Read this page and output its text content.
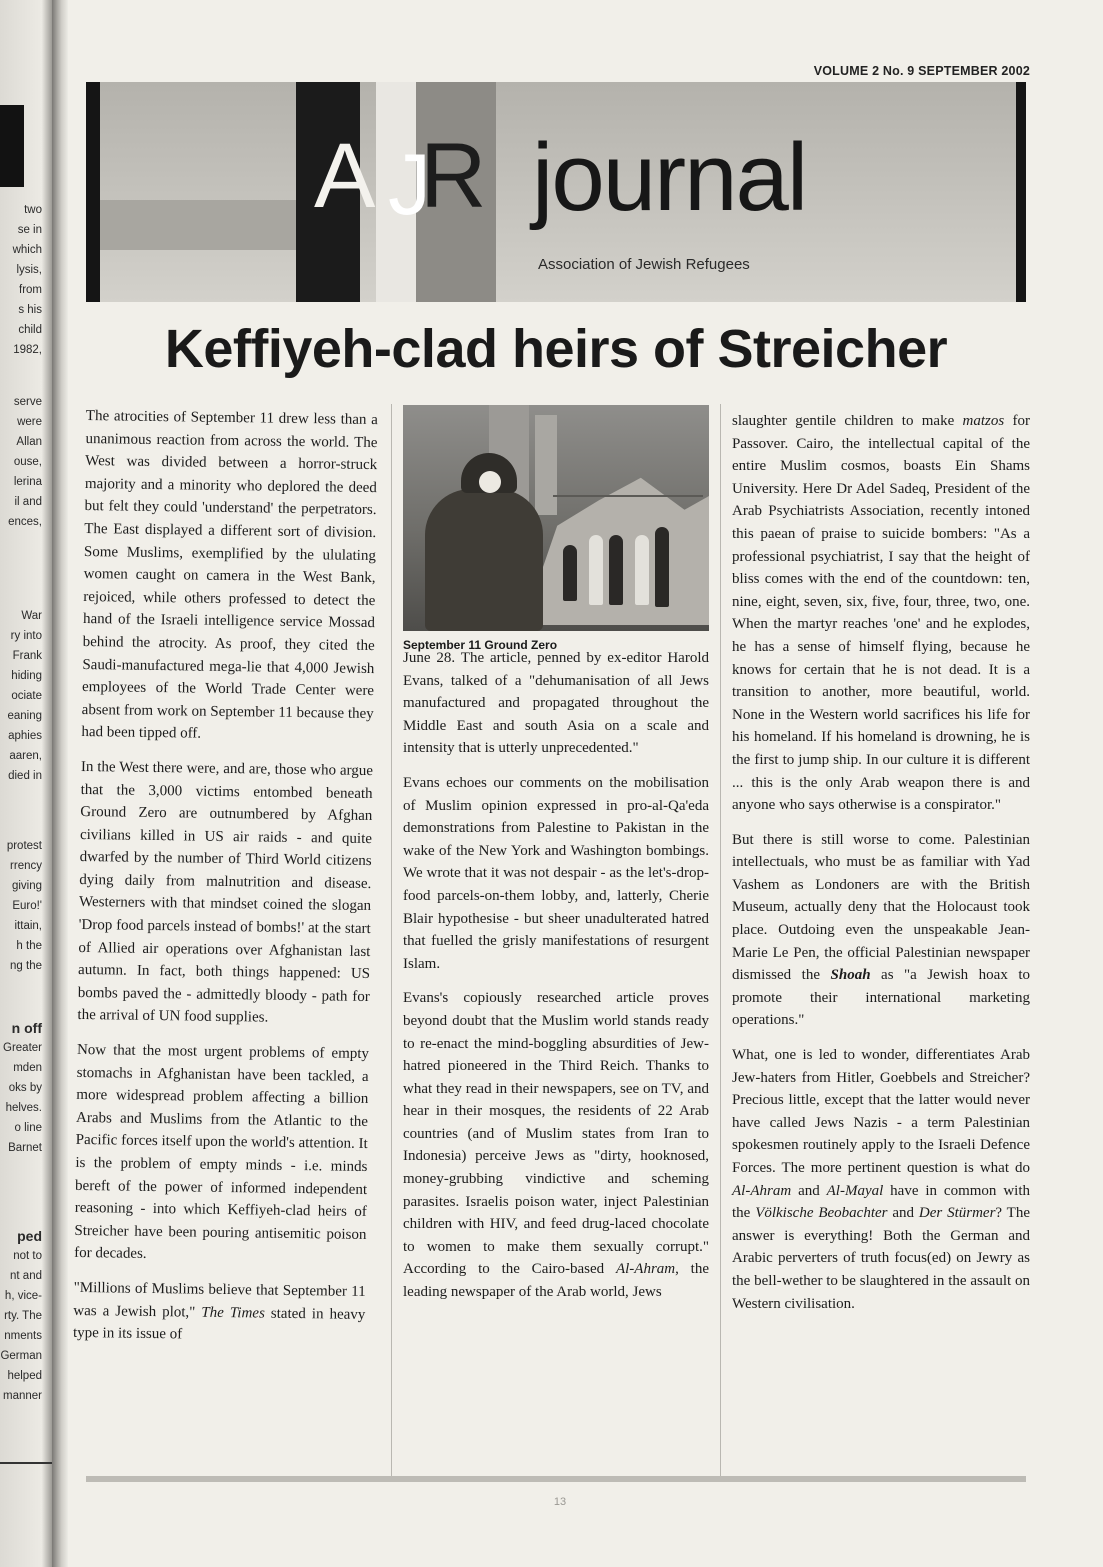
two
se in
which
lysis,
from
s his
child
1982,
serve
were
Allan
ouse,
lerina
il and
ences,
War
ry into
Frank
hiding
ociate
eaning
aphies
aaren,
died in
protest
rrency
giving
Euro!'
ittain,
h the
ng the
n off
Greater
mden
oks by
helves.
o line
Barnet
ped
not to
nt and
h, vice-
rty. The
nments
German
helped
manner
VOLUME 2 No. 9 SEPTEMBER 2002
A J
R journal
Association of Jewish Refugees
Keffiyeh-clad heirs of Streicher

The atrocities of September 11 drew less than a unanimous reaction from across the world. The West was divided between a horror-struck majority and a minority who deplored the deed but felt they could 'understand' the perpetrators. The East displayed a different sort of division. Some Muslims, exemplified by the ululating women caught on camera in the West Bank, rejoiced, while others professed to detect the hand of the Israeli intelligence service Mossad behind the atrocity. As proof, they cited the Saudi-manufactured mega-lie that 4,000 Jewish employees of the World Trade Center were absent from work on September 11 because they had been tipped off.

In the West there were, and are, those who argue that the 3,000 victims entombed beneath Ground Zero are outnumbered by Afghan civilians killed in US air raids - and quite dwarfed by the number of Third World citizens dying daily from malnutrition and disease. Westerners with that mindset coined the slogan 'Drop food parcels instead of bombs!' at the start of Allied air operations over Afghanistan last autumn. In fact, both things happened: US bombs paved the - admittedly bloody - path for the arrival of UN food supplies.

Now that the most urgent problems of empty stomachs in Afghanistan have been tackled, a more widespread problem affecting a billion Arabs and Muslims from the Atlantic to the Pacific forces itself upon the world's attention. It is the problem of empty minds - i.e. minds bereft of the power of informed independent reasoning - into which Keffiyeh-clad heirs of Streicher have been pouring antisemitic poison for decades.

"Millions of Muslims believe that September 11 was a Jewish plot," The Times stated in heavy type in its issue of

September 11 Ground Zero

June 28. The article, penned by ex-editor Harold Evans, talked of a "dehumanisation of all Jews manufactured and propagated throughout the Middle East and south Asia on a scale and intensity that is utterly unprecedented."

Evans echoes our comments on the mobilisation of Muslim opinion expressed in pro-al-Qa'eda demonstrations from Palestine to Pakistan in the wake of the New York and Washington bombings. We wrote that it was not despair - as the let's-drop-food parcels-on-them lobby, and, latterly, Cherie Blair hypothesise - but sheer unadulterated hatred that fuelled the grisly manifestations of resurgent Islam.

Evans's copiously researched article proves beyond doubt that the Muslim world stands ready to re-enact the mind-boggling absurdities of Jew-hatred pioneered in the Third Reich. Thanks to what they read in their newspapers, see on TV, and hear in their mosques, the residents of 22 Arab countries (and of Muslim states from Iran to Indonesia) perceive Jews as "dirty, hooknosed, money-grubbing vindictive and scheming parasites. Israelis poison water, inject Palestinian children with HIV, and feed drug-laced chocolate to women to make them sexually corrupt." According to the Cairo-based Al-Ahram, the leading newspaper of the Arab world, Jews

slaughter gentile children to make matzos for Passover. Cairo, the intellectual capital of the entire Muslim cosmos, boasts Ein Shams University. Here Dr Adel Sadeq, President of the Arab Psychiatrists Association, recently intoned this paean of praise to suicide bombers: "As a professional psychiatrist, I say that the height of bliss comes with the end of the countdown: ten, nine, eight, seven, six, five, four, three, two, one. When the martyr reaches 'one' and he explodes, he has a sense of himself flying, because he knows for certain that he is not dead. It is a transition to another, more beautiful, world. None in the Western world sacrifices his life for his homeland. If his homeland is drowning, he is the first to jump ship. In our culture it is different ... this is the only Arab weapon there is and anyone who says otherwise is a conspirator."

But there is still worse to come. Palestinian intellectuals, who must be as familiar with Yad Vashem as Londoners are with the British Museum, actually deny that the Holocaust took place. Outdoing even the unspeakable Jean-Marie Le Pen, the official Palestinian newspaper dismissed the Shoah as "a Jewish hoax to promote their international marketing operations."

What, one is led to wonder, differentiates Arab Jew-haters from Hitler, Goebbels and Streicher? Precious little, except that the latter would never have called Jews Nazis - a term Palestinian spokesmen routinely apply to the Israeli Defence Forces. The more pertinent question is what do Al-Ahram and Al-Mayal have in common with the Völkische Beobachter and Der Stürmer? The answer is everything! Both the German and Arabic perverters of truth focus(ed) on Jewry as the bell-wether to be slaughtered in the assault on Western civilisation.

13
